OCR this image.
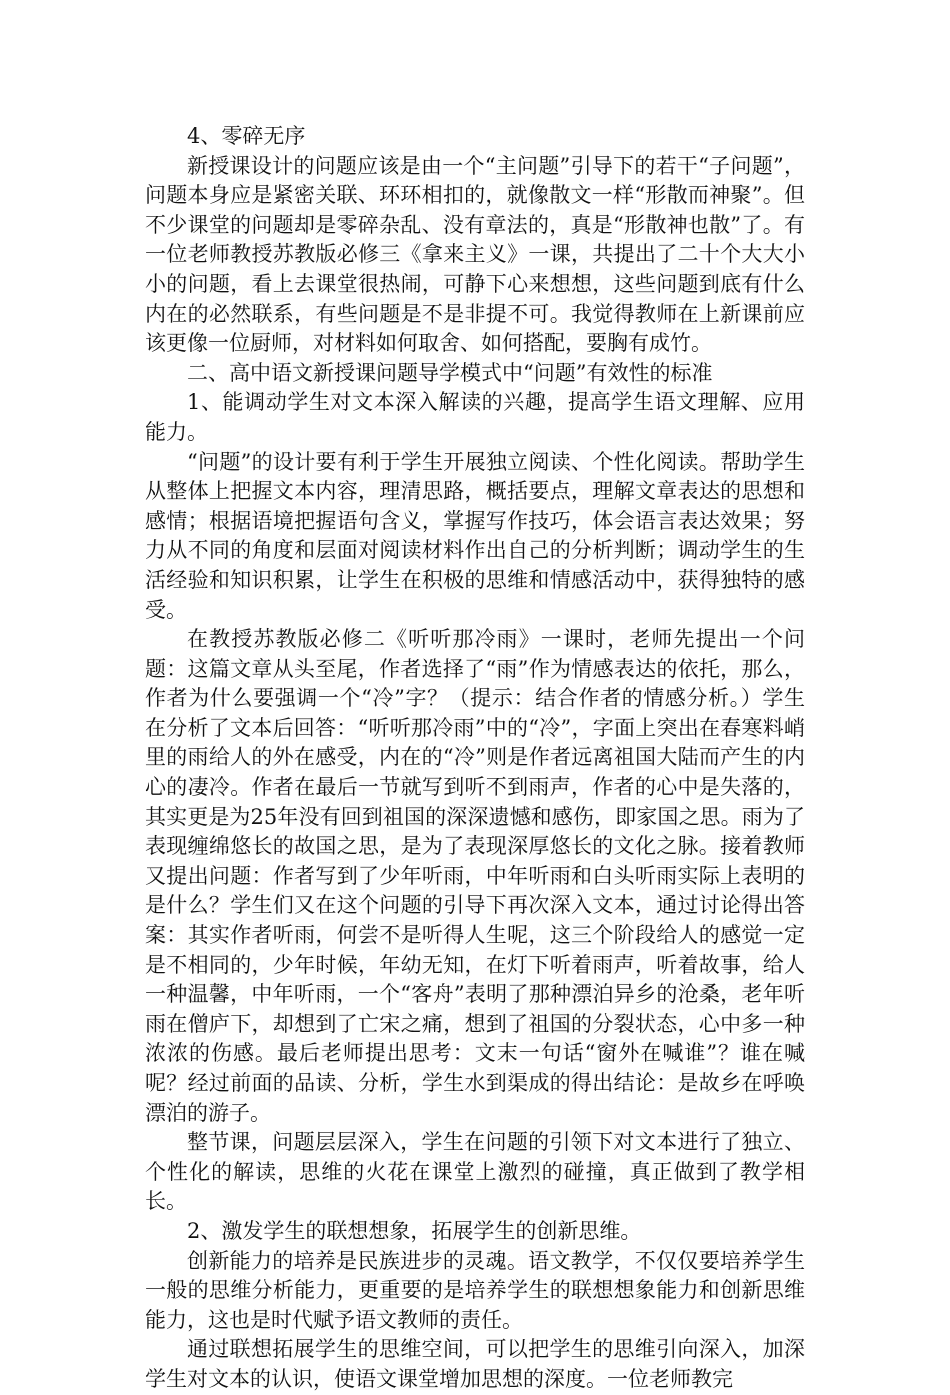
4、零碎无序

新授课设计的问题应该是由一个“主问题”引导下的若干“子问题”，问题本身应是紧密关联、环环相扣的，就像散文一样“形散而神聚”。但不少课堂的问题却是零碎杂乱、没有章法的，真是“形散神也散”了。有一位老师教授苏教版必修三《拿来主义》一课，共提出了二十个大大小小的问题，看上去课堂很热闹，可静下心来想想，这些问题到底有什么内在的必然联系，有些问题是不是非提不可。我觉得教师在上新课前应该更像一位厨师，对材料如何取舍、如何搭配，要胸有成竹。

二、高中语文新授课问题导学模式中“问题”有效性的标准

1、能调动学生对文本深入解读的兴趣，提高学生语文理解、应用能力。

“问题”的设计要有利于学生开展独立阅读、个性化阅读。帮助学生从整体上把握文本内容，理清思路，概括要点，理解文章表达的思想和感情；根据语境把握语句含义，掌握写作技巧，体会语言表达效果；努力从不同的角度和层面对阅读材料作出自己的分析判断；调动学生的生活经验和知识积累，让学生在积极的思维和情感活动中，获得独特的感受。

在教授苏教版必修二《听听那冷雨》一课时，老师先提出一个问题：这篇文章从头至尾，作者选择了“雨”作为情感表达的依托，那么，作者为什么要强调一个“冷”字？（提示：结合作者的情感分析。）学生在分析了文本后回答：“听听那冷雨”中的“冷”，字面上突出在春寒料峭里的雨给人的外在感受，内在的“冷”则是作者远离祖国大陆而产生的内心的凄冷。作者在最后一节就写到听不到雨声，作者的心中是失落的，其实更是为25年没有回到祖国的深深遗憾和感伤，即家国之思。雨为了表现缠绵悠长的故国之思，是为了表现深厚悠长的文化之脉。接着教师又提出问题：作者写到了少年听雨，中年听雨和白头听雨实际上表明的是什么？学生们又在这个问题的引导下再次深入文本，通过讨论得出答案：其实作者听雨，何尝不是听得人生呢，这三个阶段给人的感觉一定是不相同的，少年时候，年幼无知，在灯下听着雨声，听着故事，给人一种温馨，中年听雨，一个“客舟”表明了那种漂泊异乡的沧桑，老年听雨在僧庐下，却想到了亡宋之痛，想到了祖国的分裂状态，心中多一种浓浓的伤感。最后老师提出思考：文末一句话“窗外在喊谁”？谁在喊呢？经过前面的品读、分析，学生水到渠成的得出结论：是故乡在呼唤漂泊的游子。

整节课，问题层层深入，学生在问题的引领下对文本进行了独立、个性化的解读，思维的火花在课堂上激烈的碰撞，真正做到了教学相长。

2、激发学生的联想想象，拓展学生的创新思维。

创新能力的培养是民族进步的灵魂。语文教学，不仅仅要培养学生一般的思维分析能力，更重要的是培养学生的联想想象能力和创新思维能力，这也是时代赋予语文教师的责任。

通过联想拓展学生的思维空间，可以把学生的思维引向深入，加深学生对文本的认识，使语文课堂增加思想的深度。一位老师教完
